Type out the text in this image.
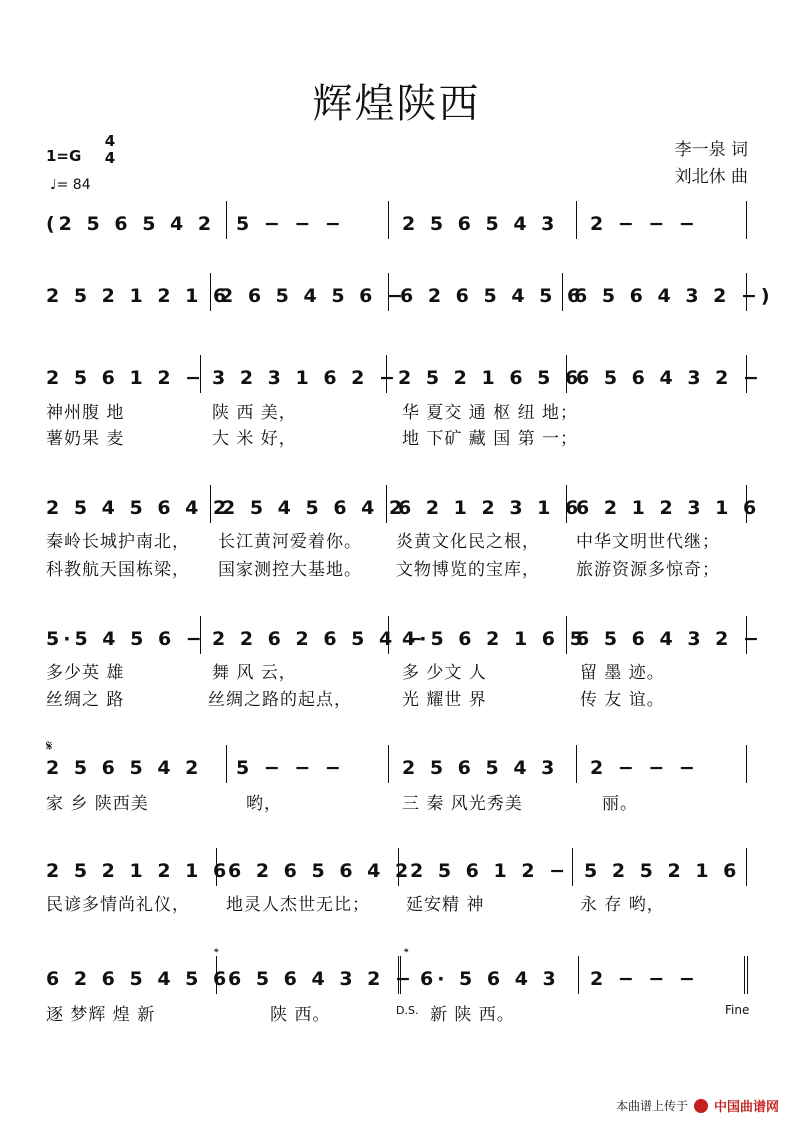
辉煌陕西
1=G
4
4
♩= 84
李一泉 词
刘北休 曲
(2 5 6 5 4 2 5 − − −	2 5 6 5 4 3 2 − − −
2 5 2 1 2 1 6
2 6 5 4 5 6 −
6 2 6 5 4 5 6
6 5 6 4 3 2 −)
2 5 6 1 2 − 3 2 3 1 6 2 − 2 5 2 1 6 5 6
6 5 6 4 3 2 −
神州腹 地	陕 西 美，	华 夏交 通 枢 纽 地；
薯奶果 麦	大 米 好，	地 下矿 藏 国 第 一；
2 5 4 5 6 4 2
2 5 4 5 6 4 2
6 2 1 2 3 1 6
6 2 1 2 3 1 6
秦岭长城护南北， 长江黄河爱着你。 炎黄文化民之根， 中华文明世代继；
科教航天国栋梁， 国家测控大基地。 文物博览的宝库， 旅游资源多惊奇；
5·5 4 5 6 − 2 2 6 2 6 5 4 −
4·5 6 2 1 6 5
6 5 6 4 3 2 −
多少英 雄	舞 风 云，	多 少文 人	留 墨 迹。
丝绸之 路	丝绸之路的起点，	光 耀世 界	传 友 谊。
𝄋
2 5 6 5 4 2 5 − − −	2 5 6 5 4 3 2 − − −
家 乡 陕西美	哟，	三 秦 风光秀美	丽。
2 5 2 1 2 1 6
6 2 6 5 6 4 2
2 5 6 1 2 − 5 2 5 2 1 6
民谚多情尚礼仪， 地灵人杰世无比； 延安精 神	永 存 哟，
𝄌	𝄌
6 2 6 5 4 5 6
6 5 6 4 3 2 − 6· 5 6 4 3 2 − − −
逐 梦辉 煌 新	陕 西。	新 陕 西。
D.S.	Fine
本曲谱上传于 中国曲谱网
